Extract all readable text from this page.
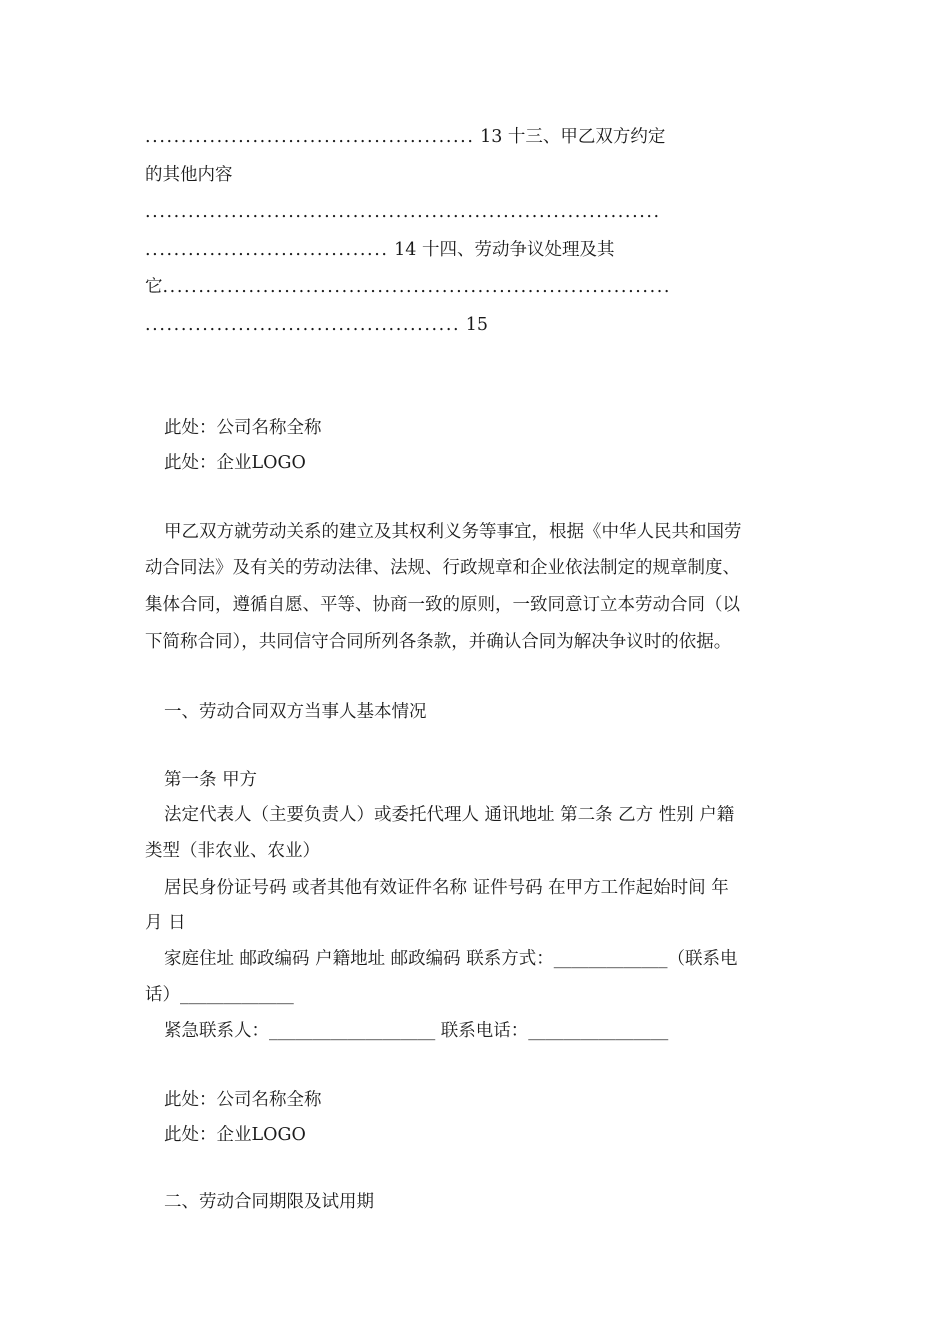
.............................................. 13 十三、甲乙双方约定
的其他内容
........................................................................
.................................. 14 十四、劳动争议处理及其
它.......................................................................
............................................ 15
此处：公司名称全称
此处：企业LOGO
甲乙双方就劳动关系的建立及其权利义务等事宜，根据《中华人民共和国劳
动合同法》及有关的劳动法律、法规、行政规章和企业依法制定的规章制度、
集体合同，遵循自愿、平等、协商一致的原则，一致同意订立本劳动合同（以
下简称合同），共同信守合同所列各条款，并确认合同为解决争议时的依据。
一、劳动合同双方当事人基本情况
第一条 甲方
法定代表人（主要负责人）或委托代理人 通讯地址 第二条 乙方 性别 户籍
类型（非农业、农业）
居民身份证号码 或者其他有效证件名称 证件号码 在甲方工作起始时间 年
月 日
家庭住址 邮政编码 户籍地址 邮政编码 联系方式：_____________（联系电
话）_____________
紧急联系人：___________________ 联系电话：________________
此处：公司名称全称
此处：企业LOGO
二、劳动合同期限及试用期
